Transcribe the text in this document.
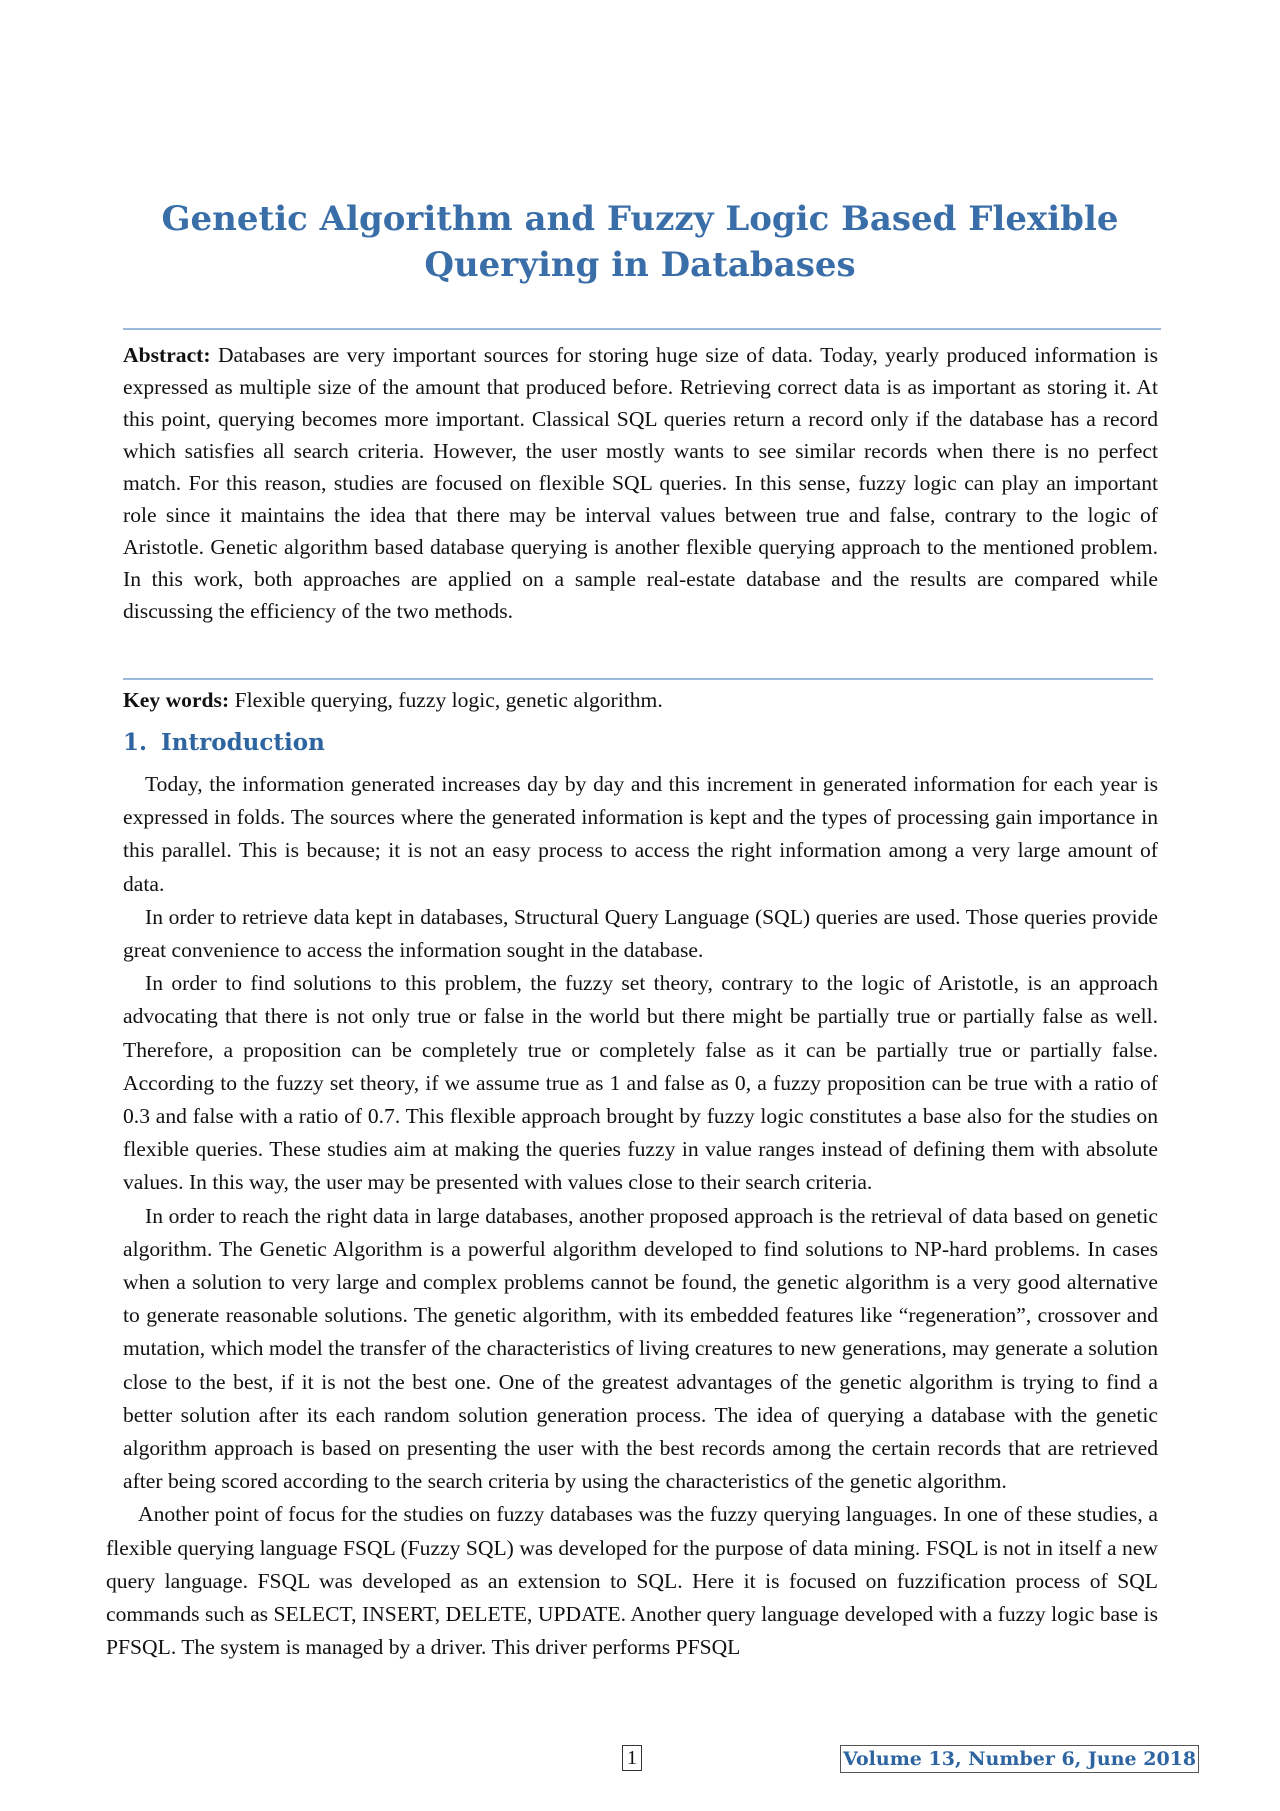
Genetic Algorithm and Fuzzy Logic Based Flexible
Querying in Databases

Abstract: Databases are very important sources for storing huge size of data. Today, yearly produced information is expressed as multiple size of the amount that produced before. Retrieving correct data is as important as storing it. At this point, querying becomes more important. Classical SQL queries return a record only if the database has a record which satisfies all search criteria. However, the user mostly wants to see similar records when there is no perfect match. For this reason, studies are focused on flexible SQL queries. In this sense, fuzzy logic can play an important role since it maintains the idea that there may be interval values between true and false, contrary to the logic of Aristotle. Genetic algorithm based database querying is another flexible querying approach to the mentioned problem. In this work, both approaches are applied on a sample real-estate database and the results are compared while discussing the efficiency of the two methods.

Key words: Flexible querying, fuzzy logic, genetic algorithm.

1. Introduction

Today, the information generated increases day by day and this increment in generated information for each year is expressed in folds. The sources where the generated information is kept and the types of processing gain importance in this parallel. This is because; it is not an easy process to access the right information among a very large amount of data.

In order to retrieve data kept in databases, Structural Query Language (SQL) queries are used. Those queries provide great convenience to access the information sought in the database.

In order to find solutions to this problem, the fuzzy set theory, contrary to the logic of Aristotle, is an approach advocating that there is not only true or false in the world but there might be partially true or partially false as well. Therefore, a proposition can be completely true or completely false as it can be partially true or partially false. According to the fuzzy set theory, if we assume true as 1 and false as 0, a fuzzy proposition can be true with a ratio of 0.3 and false with a ratio of 0.7. This flexible approach brought by fuzzy logic constitutes a base also for the studies on flexible queries. These studies aim at making the queries fuzzy in value ranges instead of defining them with absolute values. In this way, the user may be presented with values close to their search criteria.

In order to reach the right data in large databases, another proposed approach is the retrieval of data based on genetic algorithm. The Genetic Algorithm is a powerful algorithm developed to find solutions to NP-hard problems. In cases when a solution to very large and complex problems cannot be found, the genetic algorithm is a very good alternative to generate reasonable solutions. The genetic algorithm, with its embedded features like “regeneration”, crossover and mutation, which model the transfer of the characteristics of living creatures to new generations, may generate a solution close to the best, if it is not the best one. One of the greatest advantages of the genetic algorithm is trying to find a better solution after its each random solution generation process. The idea of querying a database with the genetic algorithm approach is based on presenting the user with the best records among the certain records that are retrieved after being scored according to the search criteria by using the characteristics of the genetic algorithm.

Another point of focus for the studies on fuzzy databases was the fuzzy querying languages. In one of these studies, a flexible querying language FSQL (Fuzzy SQL) was developed for the purpose of data mining. FSQL is not in itself a new query language. FSQL was developed as an extension to SQL. Here it is focused on fuzzification process of SQL commands such as SELECT, INSERT, DELETE, UPDATE. Another query language developed with a fuzzy logic base is PFSQL. The system is managed by a driver. This driver performs PFSQL

1	Volume 13, Number 6, June 2018
